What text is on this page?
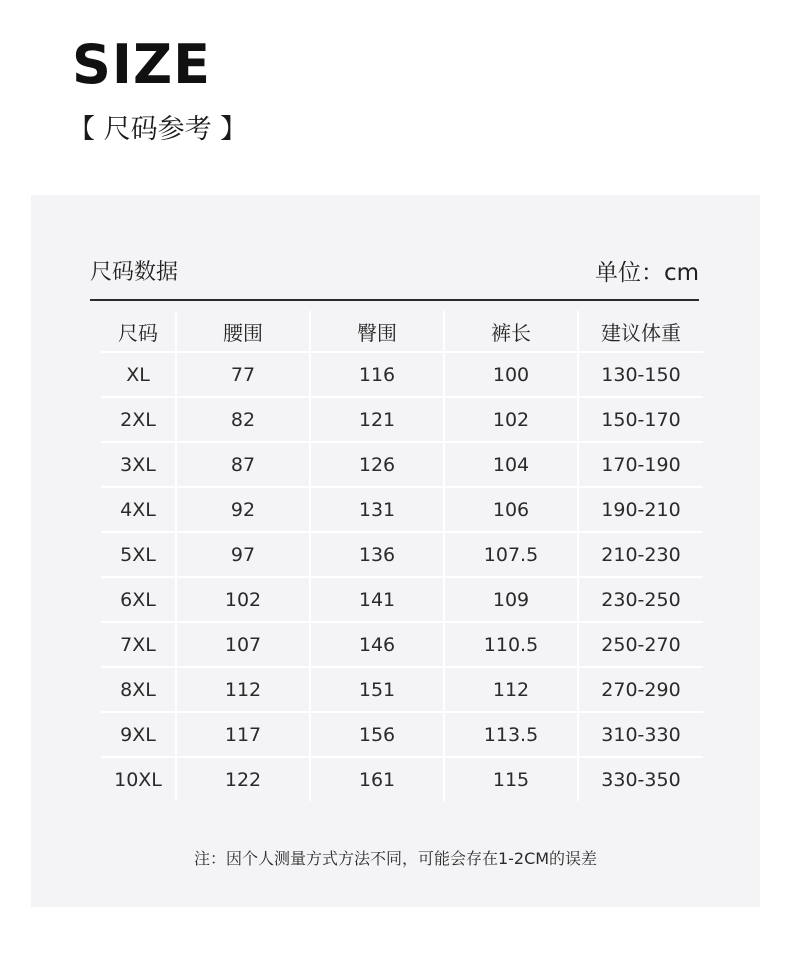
SIZE
【 尺码参考 】
尺码数据	单位：cm
尺码	腰围	臀围	裤长	建议体重
XL	77	116	100	130-150
2XL	82	121	102	150-170
3XL	87	126	104	170-190
4XL	92	131	106	190-210
5XL	97	136	107.5	210-230
6XL	102	141	109	230-250
7XL	107	146	110.5	250-270
8XL	112	151	112	270-290
9XL	117	156	113.5	310-330
10XL	122	161	115	330-350
注：因个人测量方式方法不同，可能会存在1-2CM的误差
